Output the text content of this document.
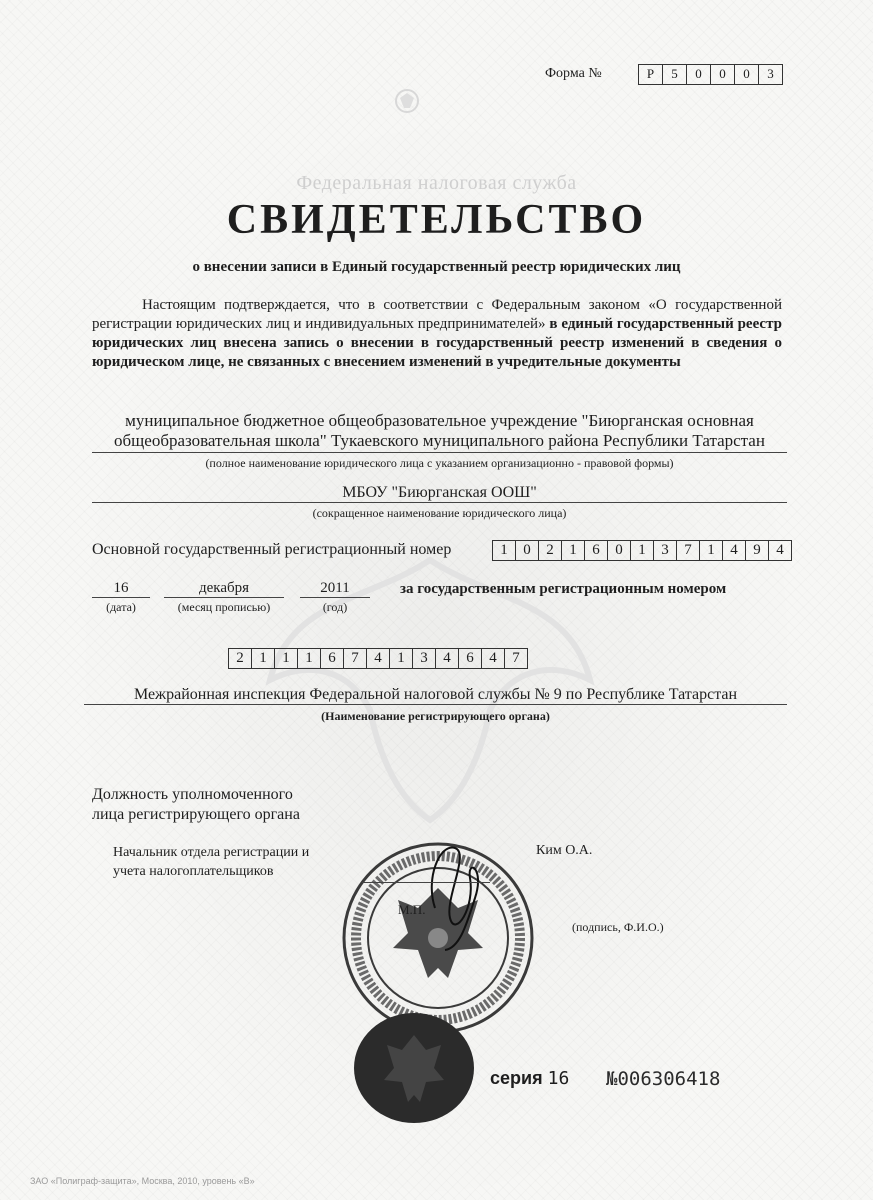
Форма №	Р	5	0	0	0	3
Федеральная налоговая служба
СВИДЕТЕЛЬСТВО
о внесении записи в Единый государственный реестр юридических лиц
Настоящим подтверждается, что в соответствии с Федеральным законом «О государственной регистрации юридических лиц и индивидуальных предпринимателей» в единый государственный реестр юридических лиц внесена запись о внесении в государственный реестр изменений в сведения о юридическом лице, не связанных с внесением изменений в учредительные документы
муниципальное бюджетное общеобразовательное учреждение "Биюрганская основная общеобразовательная школа" Тукаевского муниципального района Республики Татарстан
(полное наименование юридического лица с указанием организационно - правовой формы)
МБОУ "Биюрганская ООШ"
(сокращенное наименование юридического лица)
Основной государственный регистрационный номер	1	0	2	1	6	0	1	3	7	1	4	9	4
16
(дата)
декабря
(месяц прописью)
2011
(год)
за государственным регистрационным номером
2	1	1	1	6	7	4	1	3	4	6	4	7
Межрайонная инспекция Федеральной налоговой службы № 9 по Республике Татарстан
(Наименование регистрирующего органа)
Должность уполномоченного
лица регистрирующего органа
Начальник отдела регистрации и
учета налогоплательщиков
Ким О.А.
М.П.
(подпись, Ф.И.О.)
серия 16 №006306418
ЗАО «Полиграф-защита», Москва, 2010, уровень «В»
